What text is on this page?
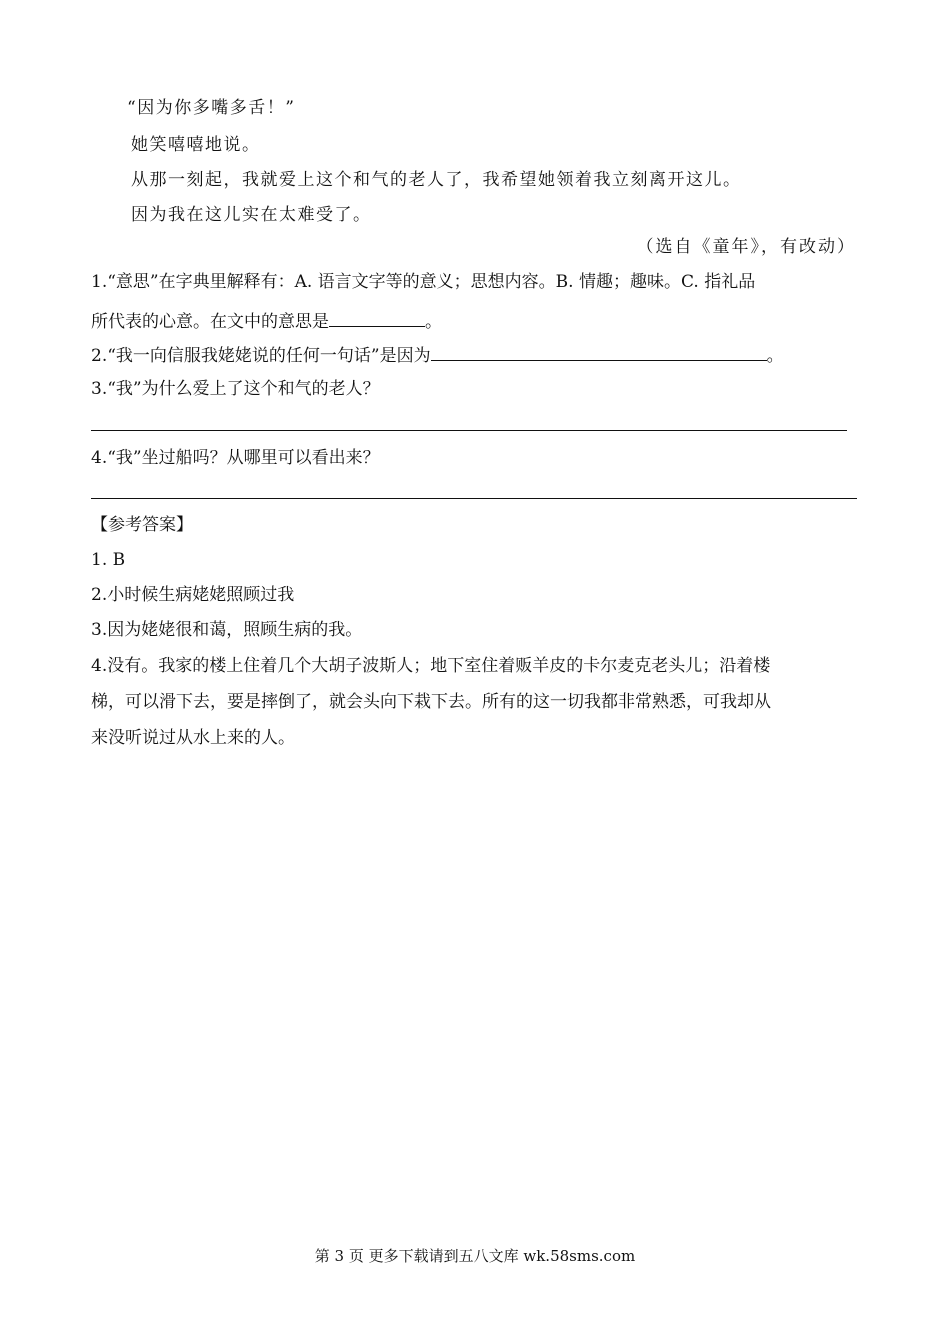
“因为你多嘴多舌！”
她笑嘻嘻地说。
从那一刻起，我就爱上这个和气的老人了，我希望她领着我立刻离开这儿。
因为我在这儿实在太难受了。
（选自《童年》，有改动）
1.“意思”在字典里解释有：A. 语言文字等的意义；思想内容。B. 情趣；趣味。C. 指礼品
所代表的心意。在文中的意思是	。
2.“我一向信服我姥姥说的任何一句话”是因为	。
3.“我”为什么爱上了这个和气的老人？
4.“我”坐过船吗？从哪里可以看出来？
【参考答案】
1. B
2.小时候生病姥姥照顾过我
3.因为姥姥很和蔼，照顾生病的我。
4.没有。我家的楼上住着几个大胡子波斯人；地下室住着贩羊皮的卡尔麦克老头儿；沿着楼
梯，可以滑下去，要是摔倒了，就会头向下栽下去。所有的这一切我都非常熟悉，可我却从
来没听说过从水上来的人。
第 3 页 更多下载请到五八文库 wk.58sms.com
